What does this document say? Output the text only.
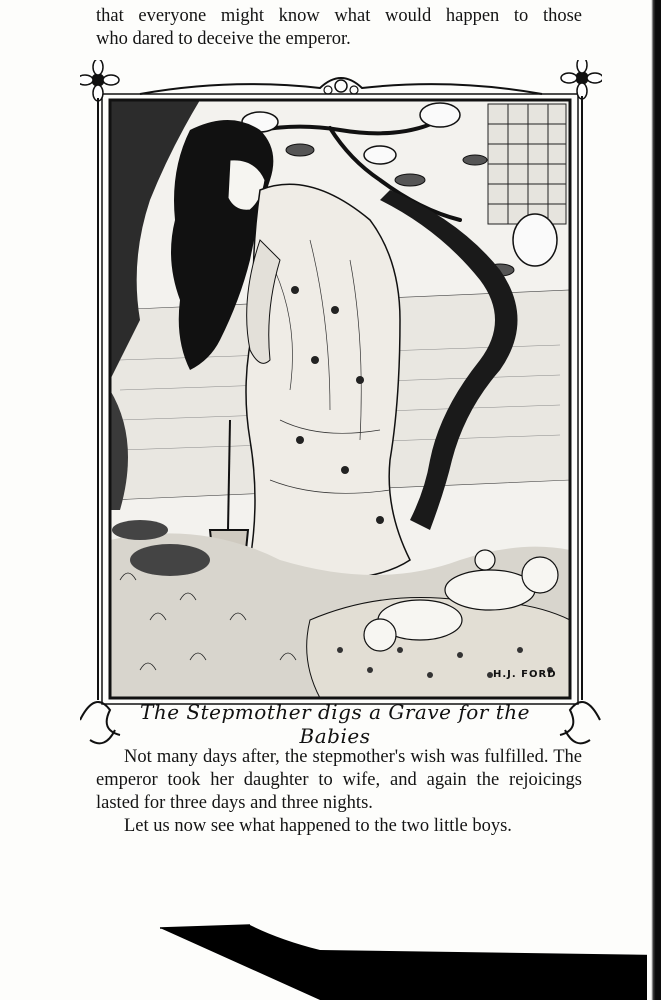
that everyone might know what would happen to those
who dared to deceive the emperor.
H.J. FORD
The Stepmother digs a Grave for the Babies

Not many days after, the stepmother's wish was fulfilled. The emperor took her daughter to wife, and again the rejoicings lasted for three days and three nights.

Let us now see what happened to the two little boys.
